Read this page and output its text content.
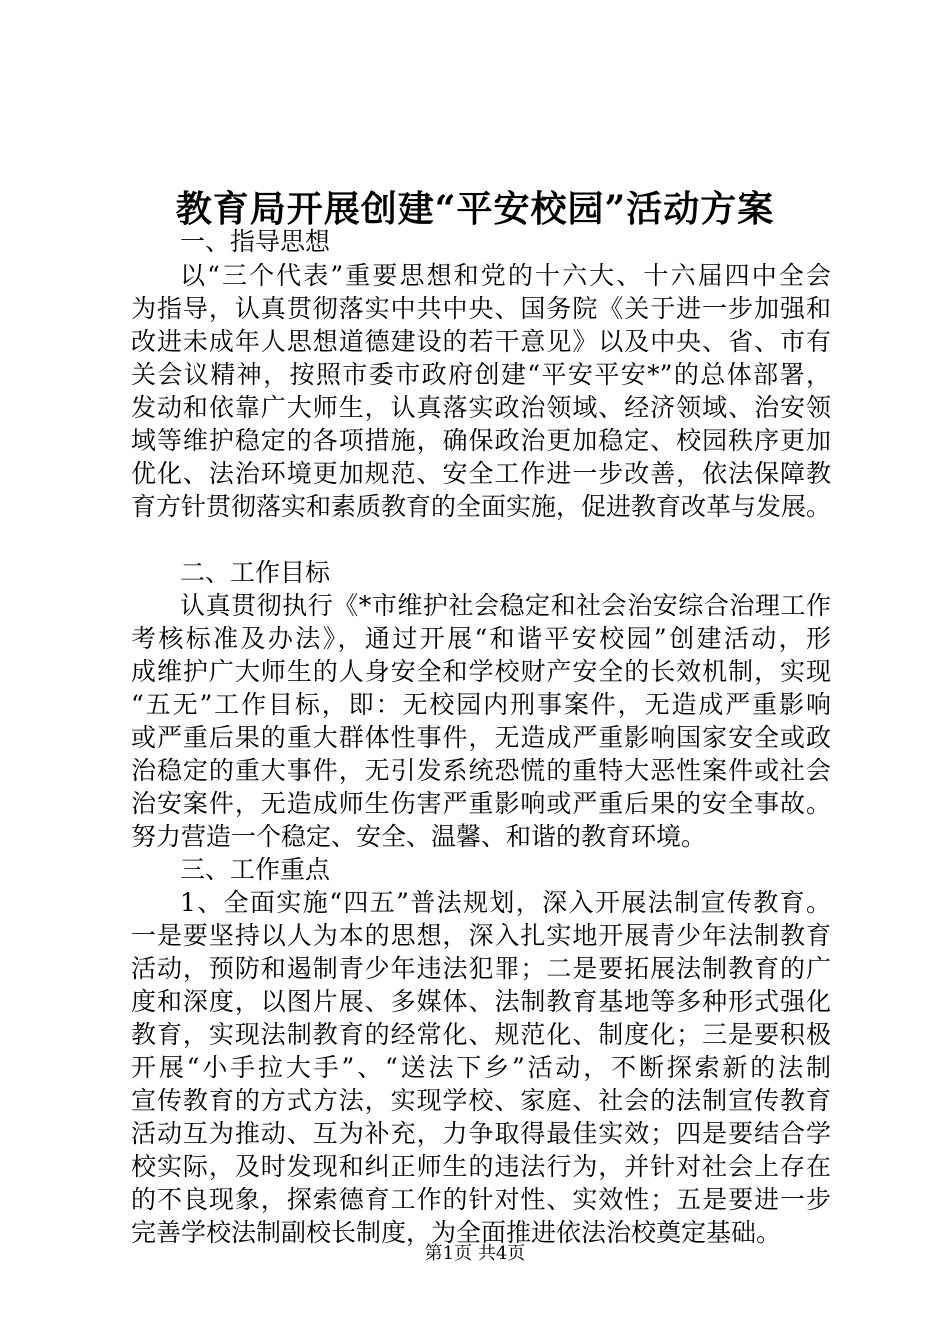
教育局开展创建“平安校园”活动方案
一、指导思想
以“三个代表”重要思想和党的十六大、十六届四中全会
为指导，认真贯彻落实中共中央、国务院《关于进一步加强和
改进未成年人思想道德建设的若干意见》以及中央、省、市有
关会议精神，按照市委市政府创建“平安平安*”的总体部署，
发动和依靠广大师生，认真落实政治领域、经济领域、治安领
域等维护稳定的各项措施，确保政治更加稳定、校园秩序更加
优化、法治环境更加规范、安全工作进一步改善，依法保障教
育方针贯彻落实和素质教育的全面实施，促进教育改革与发展。
二、工作目标
认真贯彻执行《*市维护社会稳定和社会治安综合治理工作
考核标准及办法》，通过开展“和谐平安校园”创建活动，形
成维护广大师生的人身安全和学校财产安全的长效机制，实现
“五无”工作目标，即：无校园内刑事案件，无造成严重影响
或严重后果的重大群体性事件，无造成严重影响国家安全或政
治稳定的重大事件，无引发系统恐慌的重特大恶性案件或社会
治安案件，无造成师生伤害严重影响或严重后果的安全事故。
努力营造一个稳定、安全、温馨、和谐的教育环境。
三、工作重点
1、全面实施“四五”普法规划，深入开展法制宣传教育。
一是要坚持以人为本的思想，深入扎实地开展青少年法制教育
活动，预防和遏制青少年违法犯罪；二是要拓展法制教育的广
度和深度，以图片展、多媒体、法制教育基地等多种形式强化
教育，实现法制教育的经常化、规范化、制度化；三是要积极
开展“小手拉大手”、“送法下乡”活动，不断探索新的法制
宣传教育的方式方法，实现学校、家庭、社会的法制宣传教育
活动互为推动、互为补充，力争取得最佳实效；四是要结合学
校实际，及时发现和纠正师生的违法行为，并针对社会上存在
的不良现象，探索德育工作的针对性、实效性；五是要进一步
完善学校法制副校长制度，为全面推进依法治校奠定基础。
第1页 共4页
